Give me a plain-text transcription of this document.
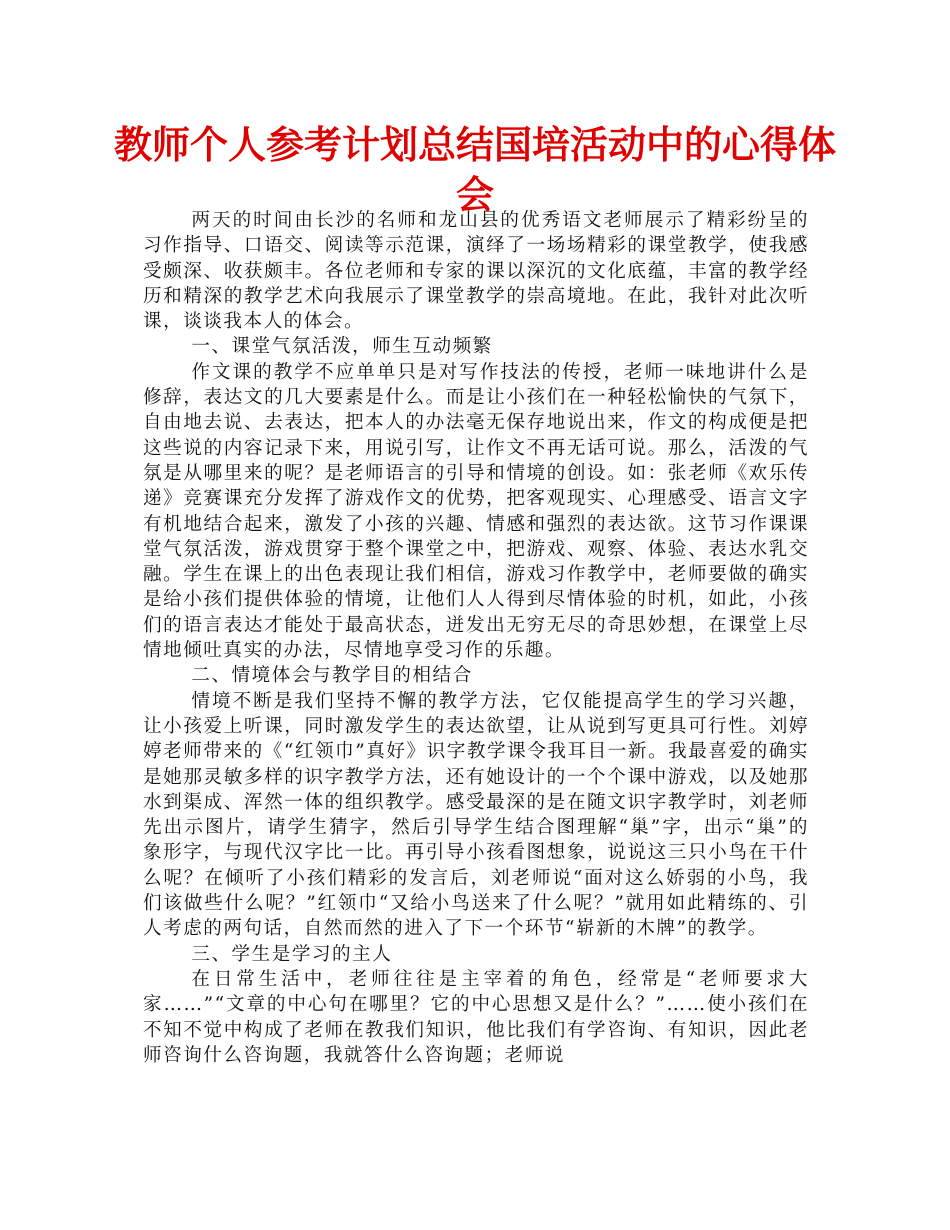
教师个人参考计划总结国培活动中的心得体会

两天的时间由长沙的名师和龙山县的优秀语文老师展示了精彩纷呈的习作指导、口语交、阅读等示范课，演绎了一场场精彩的课堂教学，使我感受颇深、收获颇丰。各位老师和专家的课以深沉的文化底蕴，丰富的教学经历和精深的教学艺术向我展示了课堂教学的崇高境地。在此，我针对此次听课，谈谈我本人的体会。

一、课堂气氛活泼，师生互动频繁

作文课的教学不应单单只是对写作技法的传授，老师一味地讲什么是修辞，表达文的几大要素是什么。而是让小孩们在一种轻松愉快的气氛下，自由地去说、去表达，把本人的办法毫无保存地说出来，作文的构成便是把这些说的内容记录下来，用说引写，让作文不再无话可说。那么，活泼的气氛是从哪里来的呢？是老师语言的引导和情境的创设。如：张老师《欢乐传递》竞赛课充分发挥了游戏作文的优势，把客观现实、心理感受、语言文字有机地结合起来，激发了小孩的兴趣、情感和强烈的表达欲。这节习作课课堂气氛活泼，游戏贯穿于整个课堂之中，把游戏、观察、体验、表达水乳交融。学生在课上的出色表现让我们相信，游戏习作教学中，老师要做的确实是给小孩们提供体验的情境，让他们人人得到尽情体验的时机，如此，小孩们的语言表达才能处于最高状态，迸发出无穷无尽的奇思妙想，在课堂上尽情地倾吐真实的办法，尽情地享受习作的乐趣。

二、情境体会与教学目的相结合

情境不断是我们坚持不懈的教学方法，它仅能提高学生的学习兴趣，让小孩爱上听课，同时激发学生的表达欲望，让从说到写更具可行性。刘婷婷老师带来的《“红领巾”真好》识字教学课令我耳目一新。我最喜爱的确实是她那灵敏多样的识字教学方法，还有她设计的一个个课中游戏，以及她那水到渠成、浑然一体的组织教学。感受最深的是在随文识字教学时，刘老师先出示图片，请学生猜字，然后引导学生结合图理解“巢”字，出示“巢”的象形字，与现代汉字比一比。再引导小孩看图想象，说说这三只小鸟在干什么呢？在倾听了小孩们精彩的发言后，刘老师说“面对这么娇弱的小鸟，我们该做些什么呢？”红领巾“又给小鸟送来了什么呢？”就用如此精练的、引人考虑的两句话，自然而然的进入了下一个环节“崭新的木牌”的教学。

三、学生是学习的主人

在日常生活中，老师往往是主宰着的角色，经常是“老师要求大家……”“文章的中心句在哪里？它的中心思想又是什么？”……使小孩们在不知不觉中构成了老师在教我们知识，他比我们有学咨询、有知识，因此老师咨询什么咨询题，我就答什么咨询题；老师说
